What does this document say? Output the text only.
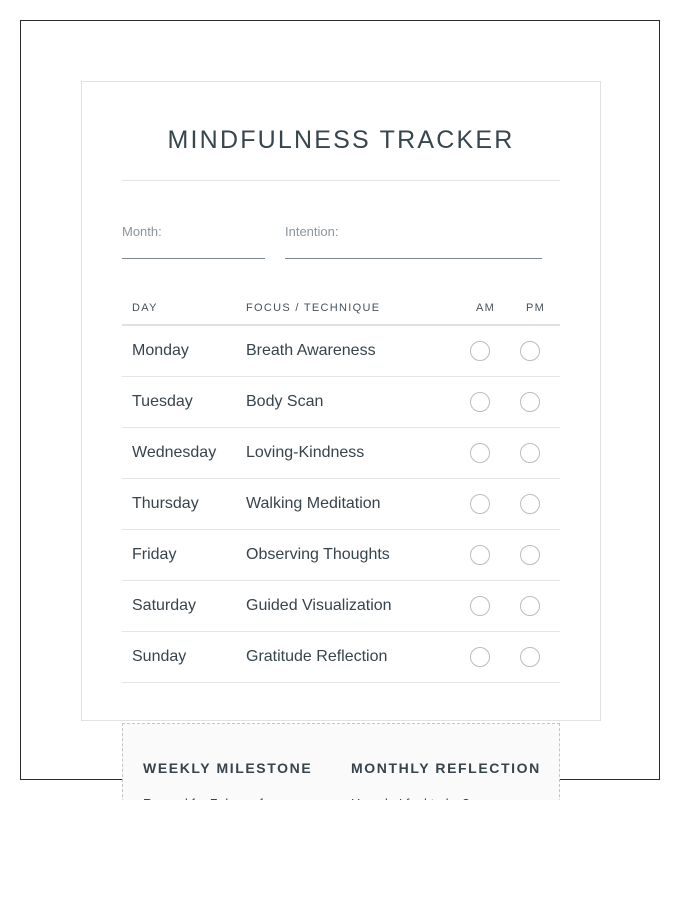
MINDFULNESS TRACKER
Month:	Intention:
DAY	FOCUS / TECHNIQUE	AM	PM
Monday	Breath Awareness
Tuesday	Body Scan
Wednesday Loving-Kindness
Thursday	Walking Meditation
Friday	Observing Thoughts
Saturday	Guided Visualization
Sunday	Gratitude Reflection
WEEKLY MILESTONE	MONTHLY REFLECTION
